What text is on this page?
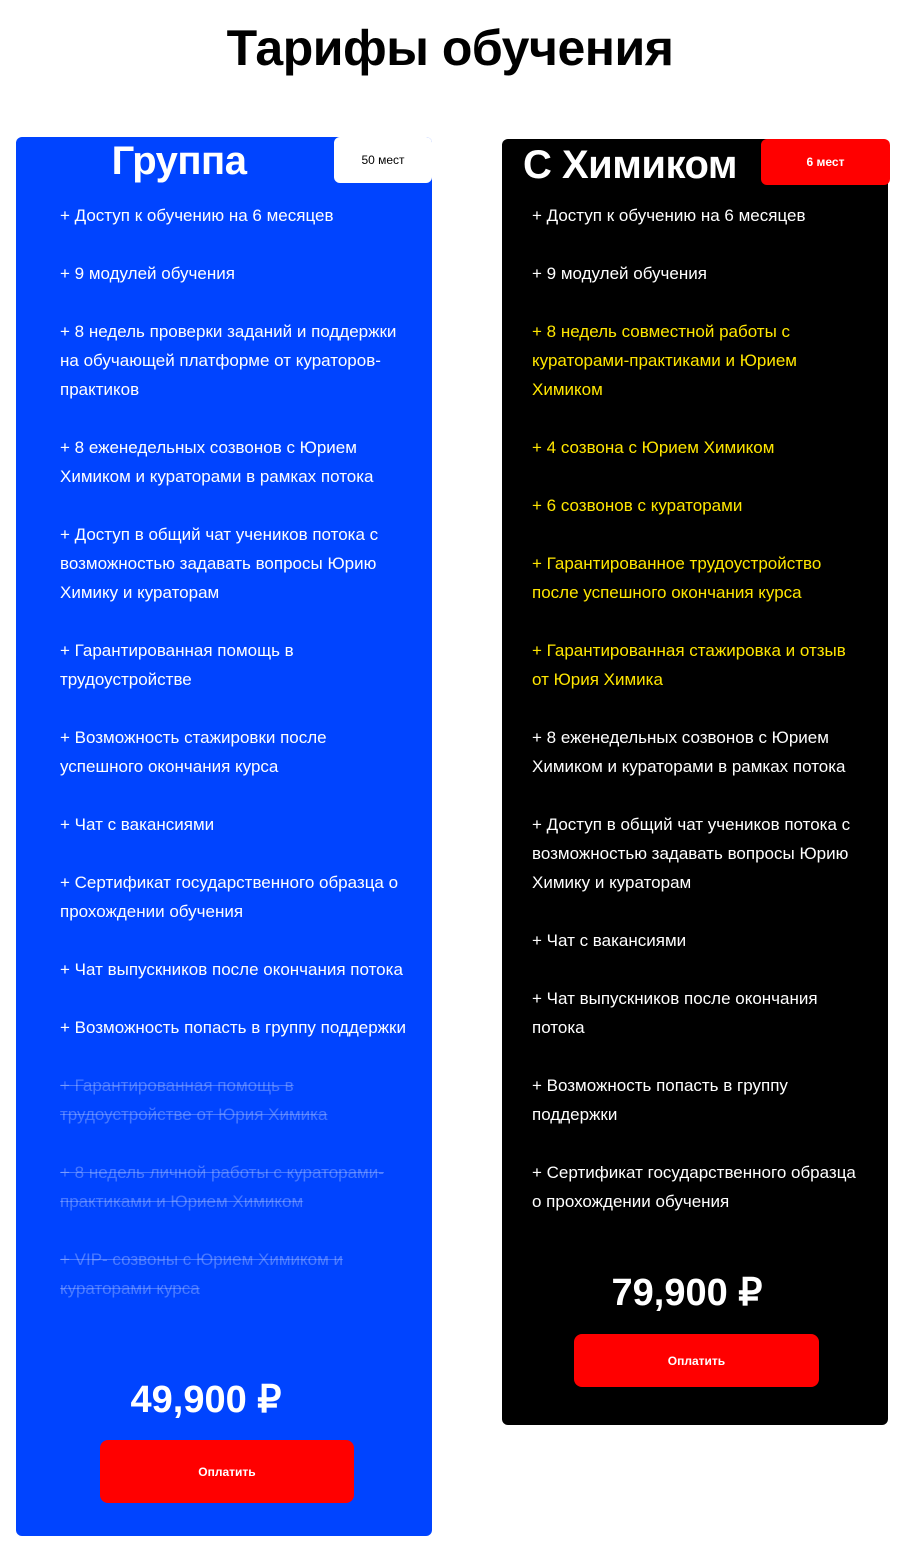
Тарифы обучения
Группа	50 мест
+ Доступ к обучению на 6 месяцев
+ 9 модулей обучения
+ 8 недель проверки заданий и поддержки на обучающей платформе от кураторов-практиков
+ 8 еженедельных созвонов с Юрием Химиком и кураторами в рамках потока
+ Доступ в общий чат учеников потока с возможностью задавать вопросы Юрию Химику и кураторам
+ Гарантированная помощь в трудоустройстве
+ Возможность стажировки после успешного окончания курса
+ Чат с вакансиями
+ Сертификат государственного образца о прохождении обучения
+ Чат выпускников после окончания потока
+ Возможность попасть в группу поддержки
+ Гарантированная помощь в трудоустройстве от Юрия Химика
+ 8 недель личной работы с кураторами-практиками и Юрием Химиком
+ VIP- созвоны с Юрием Химиком и кураторами курса

49,900 ₽

Оплатить
С Химиком	6 мест
+ Доступ к обучению на 6 месяцев
+ 9 модулей обучения
+ 8 недель совместной работы с кураторами-практиками и Юрием Химиком
+ 4 созвона с Юрием Химиком
+ 6 созвонов с кураторами
+ Гарантированное трудоустройство после успешного окончания курса
+ Гарантированная стажировка и отзыв от Юрия Химика
+ 8 еженедельных созвонов с Юрием Химиком и кураторами в рамках потока
+ Доступ в общий чат учеников потока с возможностью задавать вопросы Юрию Химику и кураторам
+ Чат с вакансиями
+ Чат выпускников после окончания потока
+ Возможность попасть в группу поддержки
+ Сертификат государственного образца о прохождении обучения

79,900 ₽

Оплатить
